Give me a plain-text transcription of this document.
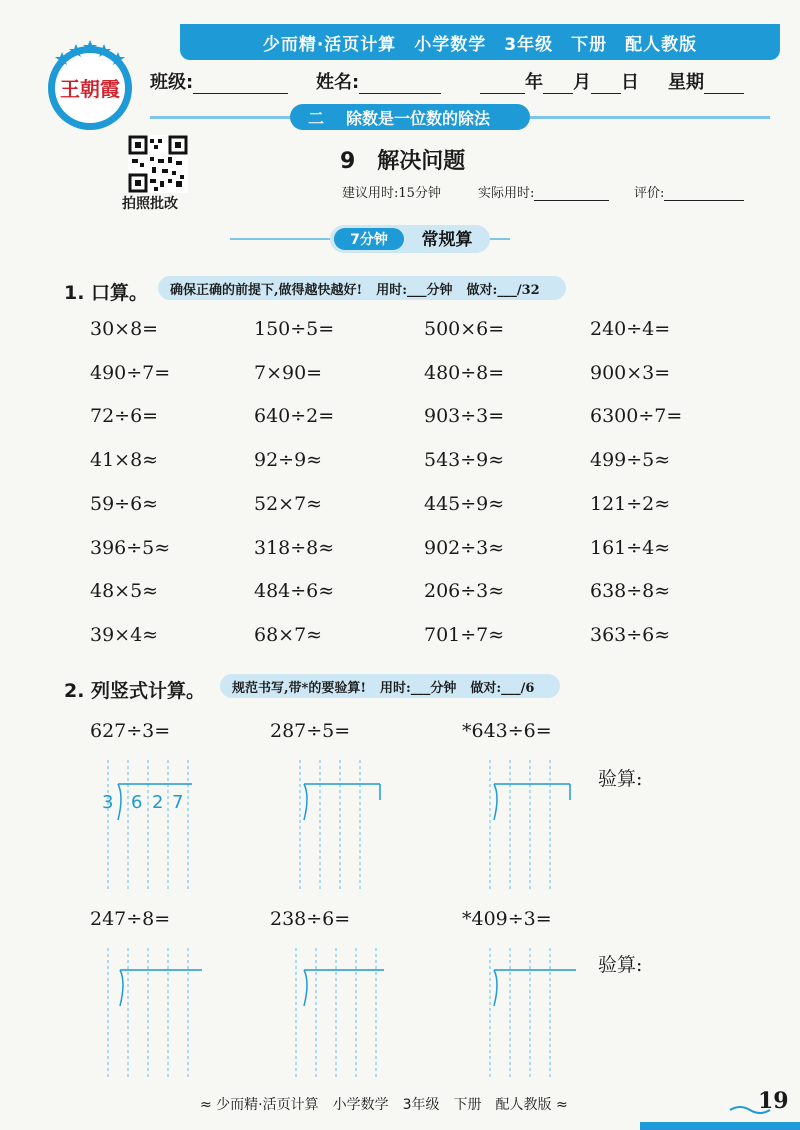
少而精·活页计算　小学数学　3年级　下册　配人教版
王朝霞 班级:	姓名:	年 月 日 星期
二 除数是一位数的除法
拍照批改
9　解决问题
建议用时:15分钟	实际用时:	评价:
7分钟 常规算
1. 口算。 确保正确的前提下,做得越快越好! 用时:___分钟 做对:___/32
30×8=	150÷5=	500×6=	240÷4=
490÷7=	7×90=	480÷8=	900×3=
72÷6=	640÷2=	903÷3=	6300÷7=
41×8≈	92÷9≈	543÷9≈	499÷5≈
59÷6≈	52×7≈	445÷9≈	121÷2≈
396÷5≈	318÷8≈	902÷3≈	161÷4≈
48×5≈	484÷6≈	206÷3≈	638÷8≈
39×4≈	68×7≈	701÷7≈	363÷6≈
2. 列竖式计算。 规范书写,带*的要验算! 用时:___分钟 做对:___/6
627÷3=	287÷5=	*643÷6=
验算:
3 6 2 7
247÷8=	238÷6=	*409÷3=
验算:
≈ 少而精·活页计算　小学数学　3年级　下册　配人教版 ≈	19
